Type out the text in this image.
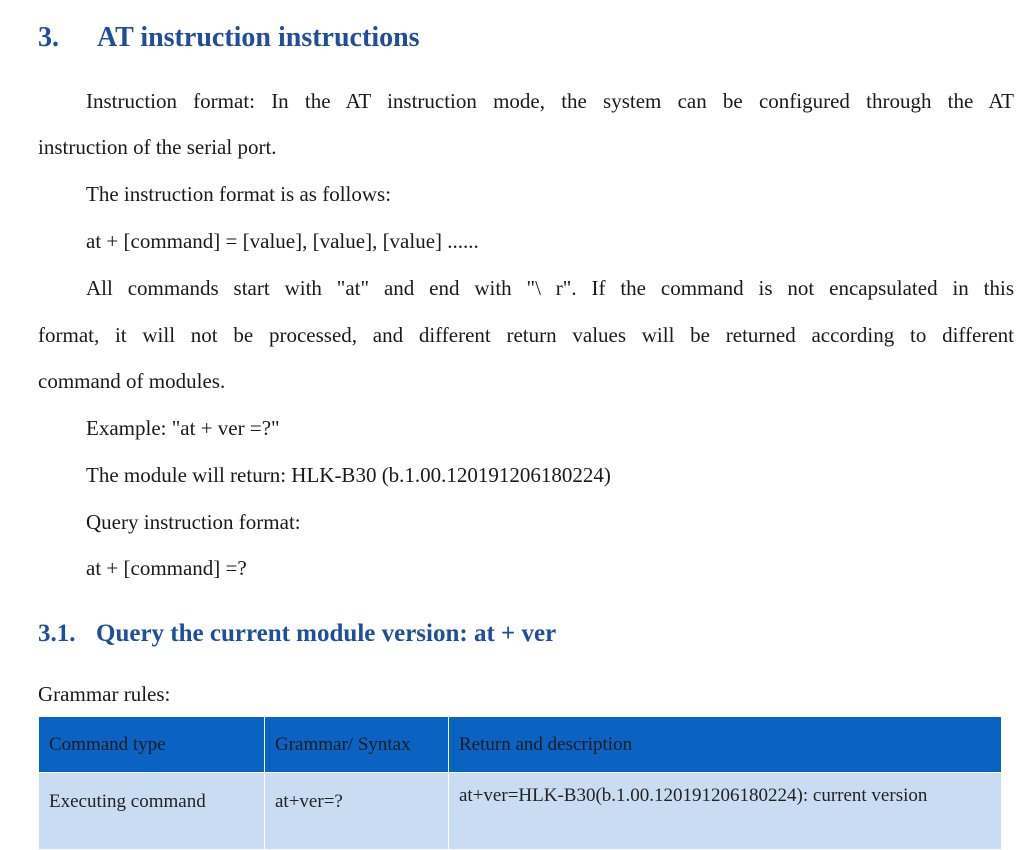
3. AT instruction instructions
Instruction format: In the AT instruction mode, the system can be configured through the AT
instruction of the serial port.
The instruction format is as follows:
at + [command] = [value], [value], [value] ......
All commands start with "at" and end with "\ r". If the command is not encapsulated in this
format, it will not be processed, and different return values will be returned according to different
command of modules.
Example: "at + ver =?"
The module will return: HLK-B30 (b.1.00.120191206180224)
Query instruction format:
at + [command] =?
3.1. Query the current module version: at + ver
Grammar rules:
Command type	Grammar/ Syntax	Return and description
Executing command	at+ver=?	at+ver=HLK-B30(b.1.00.120191206180224): current version
